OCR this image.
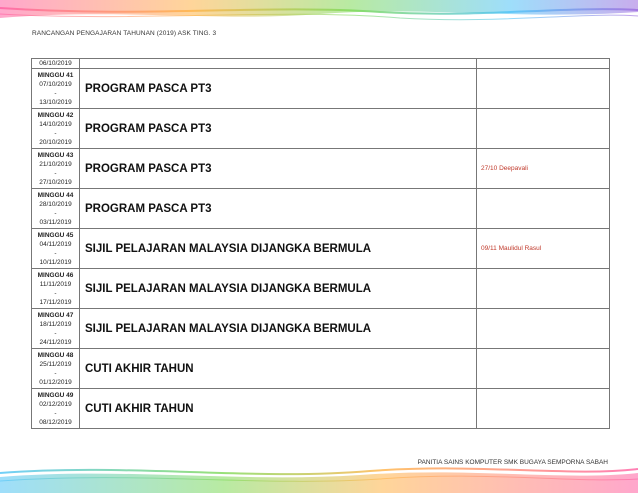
RANCANGAN PENGAJARAN TAHUNAN (2019) ASK TING. 3
06/10/2019		

MINGGU 41
07/10/2019
-
13/10/2019	PROGRAM PASCA PT3	

MINGGU 42
14/10/2019
-
20/10/2019	PROGRAM PASCA PT3	

MINGGU 43
21/10/2019
-
27/10/2019	PROGRAM PASCA PT3	27/10 Deepavali

MINGGU 44
28/10/2019
-
03/11/2019	PROGRAM PASCA PT3	

MINGGU 45
04/11/2019
-
10/11/2019	SIJIL PELAJARAN MALAYSIA DIJANGKA BERMULA	09/11 Maulidul Rasul

MINGGU 46
11/11/2019
-
17/11/2019	SIJIL PELAJARAN MALAYSIA DIJANGKA BERMULA	

MINGGU 47
18/11/2019
-
24/11/2019	SIJIL PELAJARAN MALAYSIA DIJANGKA BERMULA	

MINGGU 48
25/11/2019
-
01/12/2019	CUTI AKHIR TAHUN	

MINGGU 49
02/12/2019
-
08/12/2019	CUTI AKHIR TAHUN	
PANITIA SAINS KOMPUTER SMK BUGAYA SEMPORNA SABAH
